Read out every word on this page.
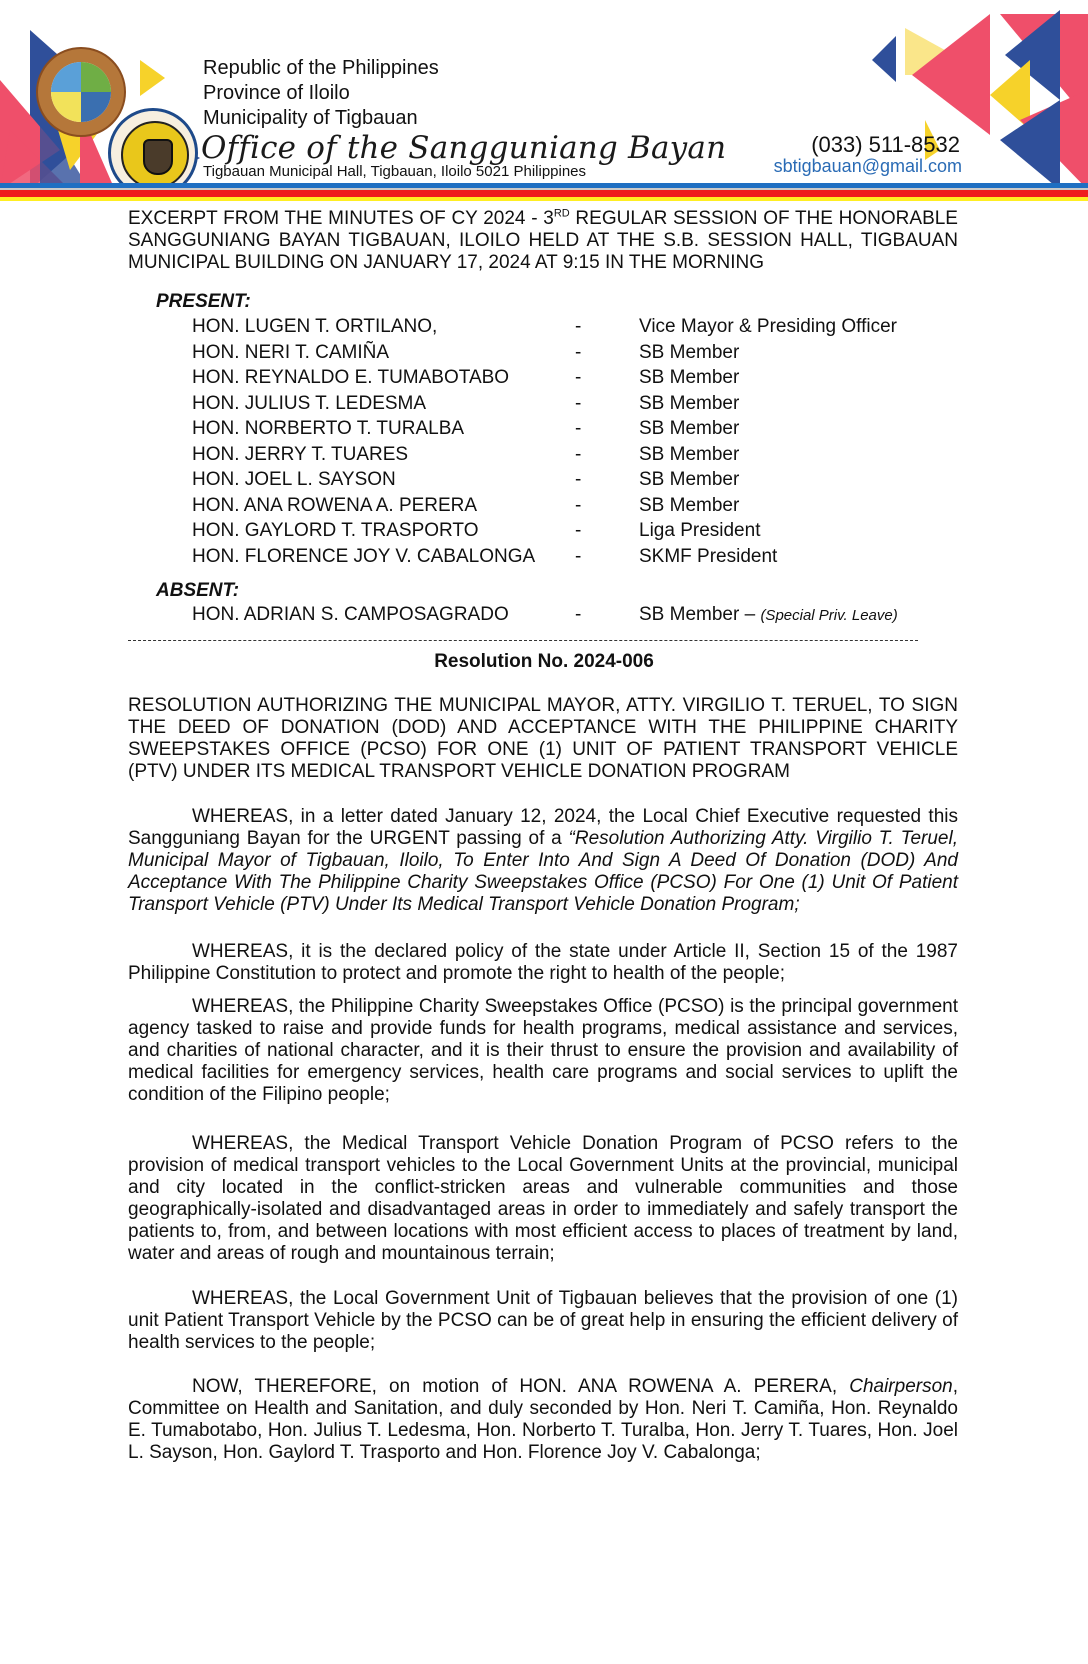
Republic of the Philippines
Province of Iloilo
Municipality of Tigbauan
Office of the Sangguniang Bayan
Tigbauan Municipal Hall, Tigbauan, Iloilo 5021 Philippines
(033) 511-8532
sbtigbauan@gmail.com
EXCERPT FROM THE MINUTES OF CY 2024 - 3RD REGULAR SESSION OF THE HONORABLE SANGGUNIANG BAYAN TIGBAUAN, ILOILO HELD AT THE S.B. SESSION HALL, TIGBAUAN MUNICIPAL BUILDING ON JANUARY 17, 2024 AT 9:15 IN THE MORNING
PRESENT:
HON. LUGEN T. ORTILANO,	-	Vice Mayor & Presiding Officer
HON. NERI T. CAMIÑA	-	SB Member
HON. REYNALDO E. TUMABOTABO	-	SB Member
HON. JULIUS T. LEDESMA	-	SB Member
HON. NORBERTO T. TURALBA	-	SB Member
HON. JERRY T. TUARES	-	SB Member
HON. JOEL L. SAYSON	-	SB Member
HON. ANA ROWENA A. PERERA	-	SB Member
HON. GAYLORD T. TRASPORTO	-	Liga President
HON. FLORENCE JOY V. CABALONGA -	SKMF President
ABSENT:
HON. ADRIAN S. CAMPOSAGRADO	-	SB Member – (Special Priv. Leave)
Resolution No. 2024-006
RESOLUTION AUTHORIZING THE MUNICIPAL MAYOR, ATTY. VIRGILIO T. TERUEL, TO SIGN THE DEED OF DONATION (DOD) AND ACCEPTANCE WITH THE PHILIPPINE CHARITY SWEEPSTAKES OFFICE (PCSO) FOR ONE (1) UNIT OF PATIENT TRANSPORT VEHICLE (PTV) UNDER ITS MEDICAL TRANSPORT VEHICLE DONATION PROGRAM
WHEREAS, in a letter dated January 12, 2024, the Local Chief Executive requested this Sangguniang Bayan for the URGENT passing of a “Resolution Authorizing Atty. Virgilio T. Teruel, Municipal Mayor of Tigbauan, Iloilo, To Enter Into And Sign A Deed Of Donation (DOD) And Acceptance With The Philippine Charity Sweepstakes Office (PCSO) For One (1) Unit Of Patient Transport Vehicle (PTV) Under Its Medical Transport Vehicle Donation Program;
WHEREAS, it is the declared policy of the state under Article II, Section 15 of the 1987 Philippine Constitution to protect and promote the right to health of the people;
WHEREAS, the Philippine Charity Sweepstakes Office (PCSO) is the principal government agency tasked to raise and provide funds for health programs, medical assistance and services, and charities of national character, and it is their thrust to ensure the provision and availability of medical facilities for emergency services, health care programs and social services to uplift the condition of the Filipino people;
WHEREAS, the Medical Transport Vehicle Donation Program of PCSO refers to the provision of medical transport vehicles to the Local Government Units at the provincial, municipal and city located in the conflict-stricken areas and vulnerable communities and those geographically-isolated and disadvantaged areas in order to immediately and safely transport the patients to, from, and between locations with most efficient access to places of treatment by land, water and areas of rough and mountainous terrain;
WHEREAS, the Local Government Unit of Tigbauan believes that the provision of one (1) unit Patient Transport Vehicle by the PCSO can be of great help in ensuring the efficient delivery of health services to the people;
NOW, THEREFORE, on motion of HON. ANA ROWENA A. PERERA, Chairperson, Committee on Health and Sanitation, and duly seconded by Hon. Neri T. Camiña, Hon. Reynaldo E. Tumabotabo, Hon. Julius T. Ledesma, Hon. Norberto T. Turalba, Hon. Jerry T. Tuares, Hon. Joel L. Sayson, Hon. Gaylord T. Trasporto and Hon. Florence Joy V. Cabalonga;
